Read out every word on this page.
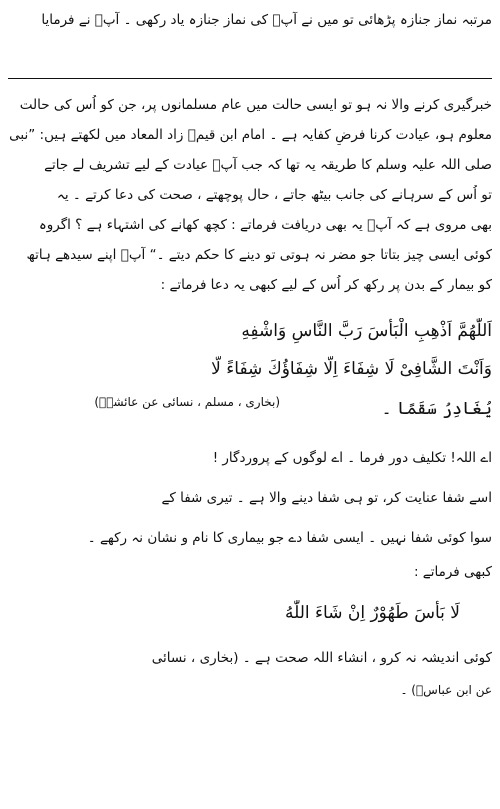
مرتبہ نماز جنازہ پڑھائی تو میں نے آپؐ کی نماز جنازہ یاد رکھی ۔ آپؐ نے فرمایا
خبرگیری کرنے والا نہ ہو تو ایسی حالت میں عام مسلمانوں پر، جن کو اُس کی حالت
معلوم ہو، عیادت کرنا فرضِ کفایہ ہے ۔ امام ابن قیمؒ زاد المعاد میں لکھتے ہیں: ”نبی
صلی اللہ علیہ وسلم کا طریقہ یہ تھا کہ جب آپؐ عیادت کے لیے تشریف لے جاتے
تو اُس کے سرہانے کی جانب بیٹھ جاتے ، حال پوچھتے ، صحت کی دعا کرتے ۔ یہ
بھی مروی ہے کہ آپؐ یہ بھی دریافت فرماتے : کچھ کھانے کی اشتہاء ہے ؟ اگروہ
کوئی ایسی چیز بتاتا جو مضر نہ ہوتی تو دینے کا حکم دیتے ۔“ آپؐ اپنے سیدھے ہاتھ
کو بیمار کے بدن پر رکھ کر اُس کے لیے کبھی یہ دعا فرماتے :
اَللّٰھُمَّ اَذْھِبِ الْبَأْسَ رَبَّ النَّاسِ وَاشْفِهِ
وَاَنْتَ الشَّافِیْ لَا شِفَاءَ اِلَّا شِفَاؤُكَ شِفَاءً لَّا
یُغَادِرُ سَقَمًا ۔
(بخاری ، مسلم ، نسائی عن عائشہؓ)
اے اللہ! تکلیف دور فرما ۔ اے لوگوں کے پروردگار !
اسے شفا عنایت کر، تو ہی شفا دینے والا ہے ۔ تیری شفا کے
سوا کوئی شفا نہیں ۔ ایسی شفا دے جو بیماری کا نام و نشان نہ رکھے ۔
کبھی فرماتے :
لَا بَأْسَ طَهُوْرٌ اِنْ شَاءَ اللّٰهُ
کوئی اندیشہ نہ کرو ، انشاء اللہ صحت ہے ۔ (بخاری ، نسائی
عن ابن عباسؓ) ۔
